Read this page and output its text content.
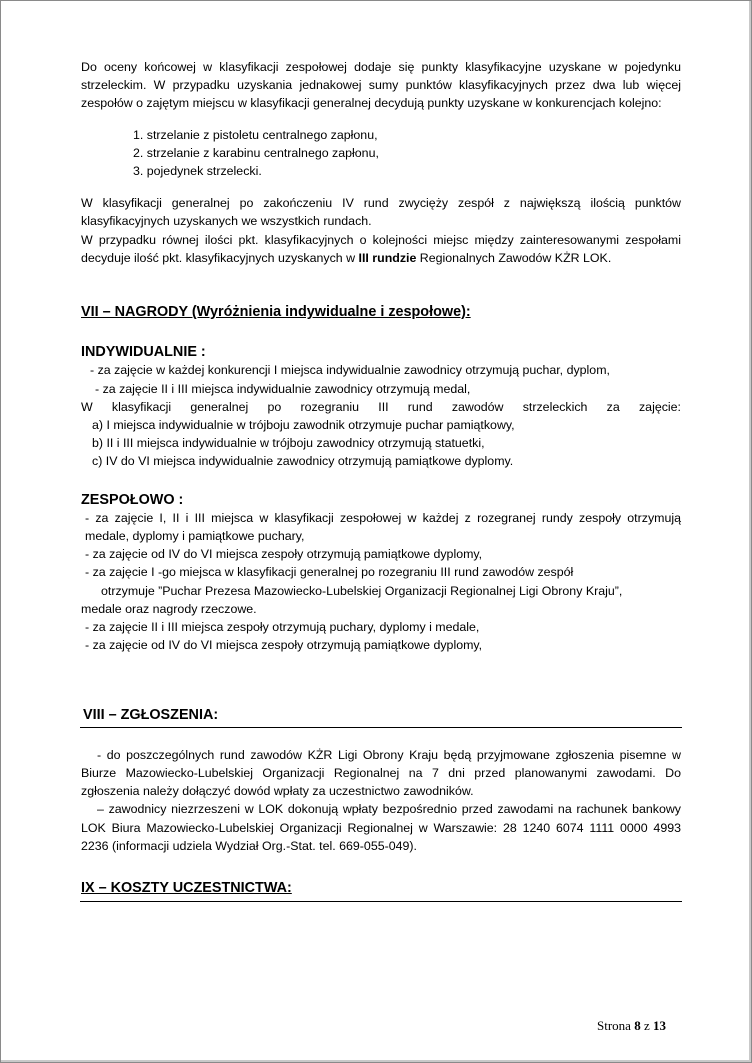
Do oceny końcowej w klasyfikacji zespołowej dodaje się punkty klasyfikacyjne uzyskane w pojedynku strzeleckim. W przypadku uzyskania jednakowej sumy punktów klasyfikacyjnych przez dwa lub więcej zespołów o zajętym miejscu w klasyfikacji generalnej decydują punkty uzyskane w konkurencjach kolejno:

1. strzelanie z pistoletu centralnego zapłonu,
2. strzelanie z karabinu centralnego zapłonu,
3. pojedynek strzelecki.

W klasyfikacji generalnej po zakończeniu IV rund zwycięży zespół z największą ilością punktów klasyfikacyjnych uzyskanych we wszystkich rundach.

W przypadku równej ilości pkt. klasyfikacyjnych o kolejności miejsc między zainteresowanymi zespołami decyduje ilość pkt. klasyfikacyjnych uzyskanych w III rundzie Regionalnych Zawodów KŻR LOK.

VII – NAGRODY (Wyróżnienia indywidualne i zespołowe):

INDYWIDUALNIE :

- za zajęcie w każdej konkurencji I miejsca indywidualnie zawodnicy otrzymują puchar, dyplom,
- za zajęcie II i III miejsca indywidualnie zawodnicy otrzymują medal,
W klasyfikacji generalnej po rozegraniu III rund zawodów strzeleckich za zajęcie:
a) I miejsca indywidualnie w trójboju zawodnik otrzymuje puchar pamiątkowy,
b) II i III miejsca indywidualnie w trójboju zawodnicy otrzymują statuetki,
c) IV do VI miejsca indywidualnie zawodnicy otrzymują pamiątkowe dyplomy.

ZESPOŁOWO :

- za zajęcie I, II i III miejsca w klasyfikacji zespołowej w każdej z rozegranej rundy zespoły otrzymują medale, dyplomy i pamiątkowe puchary,
- za zajęcie od IV do VI miejsca zespoły otrzymują pamiątkowe dyplomy,
- za zajęcie I -go miejsca w klasyfikacji generalnej po rozegraniu III rund zawodów zespół
otrzymuje ”Puchar Prezesa Mazowiecko-Lubelskiej Organizacji Regionalnej Ligi Obrony Kraju”,
medale oraz nagrody rzeczowe.
- za zajęcie II i III miejsca zespoły otrzymują puchary, dyplomy i medale,
- za zajęcie od IV do VI miejsca zespoły otrzymują pamiątkowe dyplomy,

VIII – ZGŁOSZENIA:

- do poszczególnych rund zawodów KŻR Ligi Obrony Kraju będą przyjmowane zgłoszenia pisemne w Biurze Mazowiecko-Lubelskiej Organizacji Regionalnej na 7 dni przed planowanymi zawodami. Do zgłoszenia należy dołączyć dowód wpłaty za uczestnictwo zawodników.

– zawodnicy niezrzeszeni w LOK dokonują wpłaty bezpośrednio przed zawodami na rachunek bankowy LOK Biura Mazowiecko-Lubelskiej Organizacji Regionalnej w Warszawie: 28 1240 6074 1111 0000 4993 2236 (informacji udziela Wydział Org.-Stat. tel. 669-055-049).

IX – KOSZTY UCZESTNICTWA:

Strona 8 z 13
